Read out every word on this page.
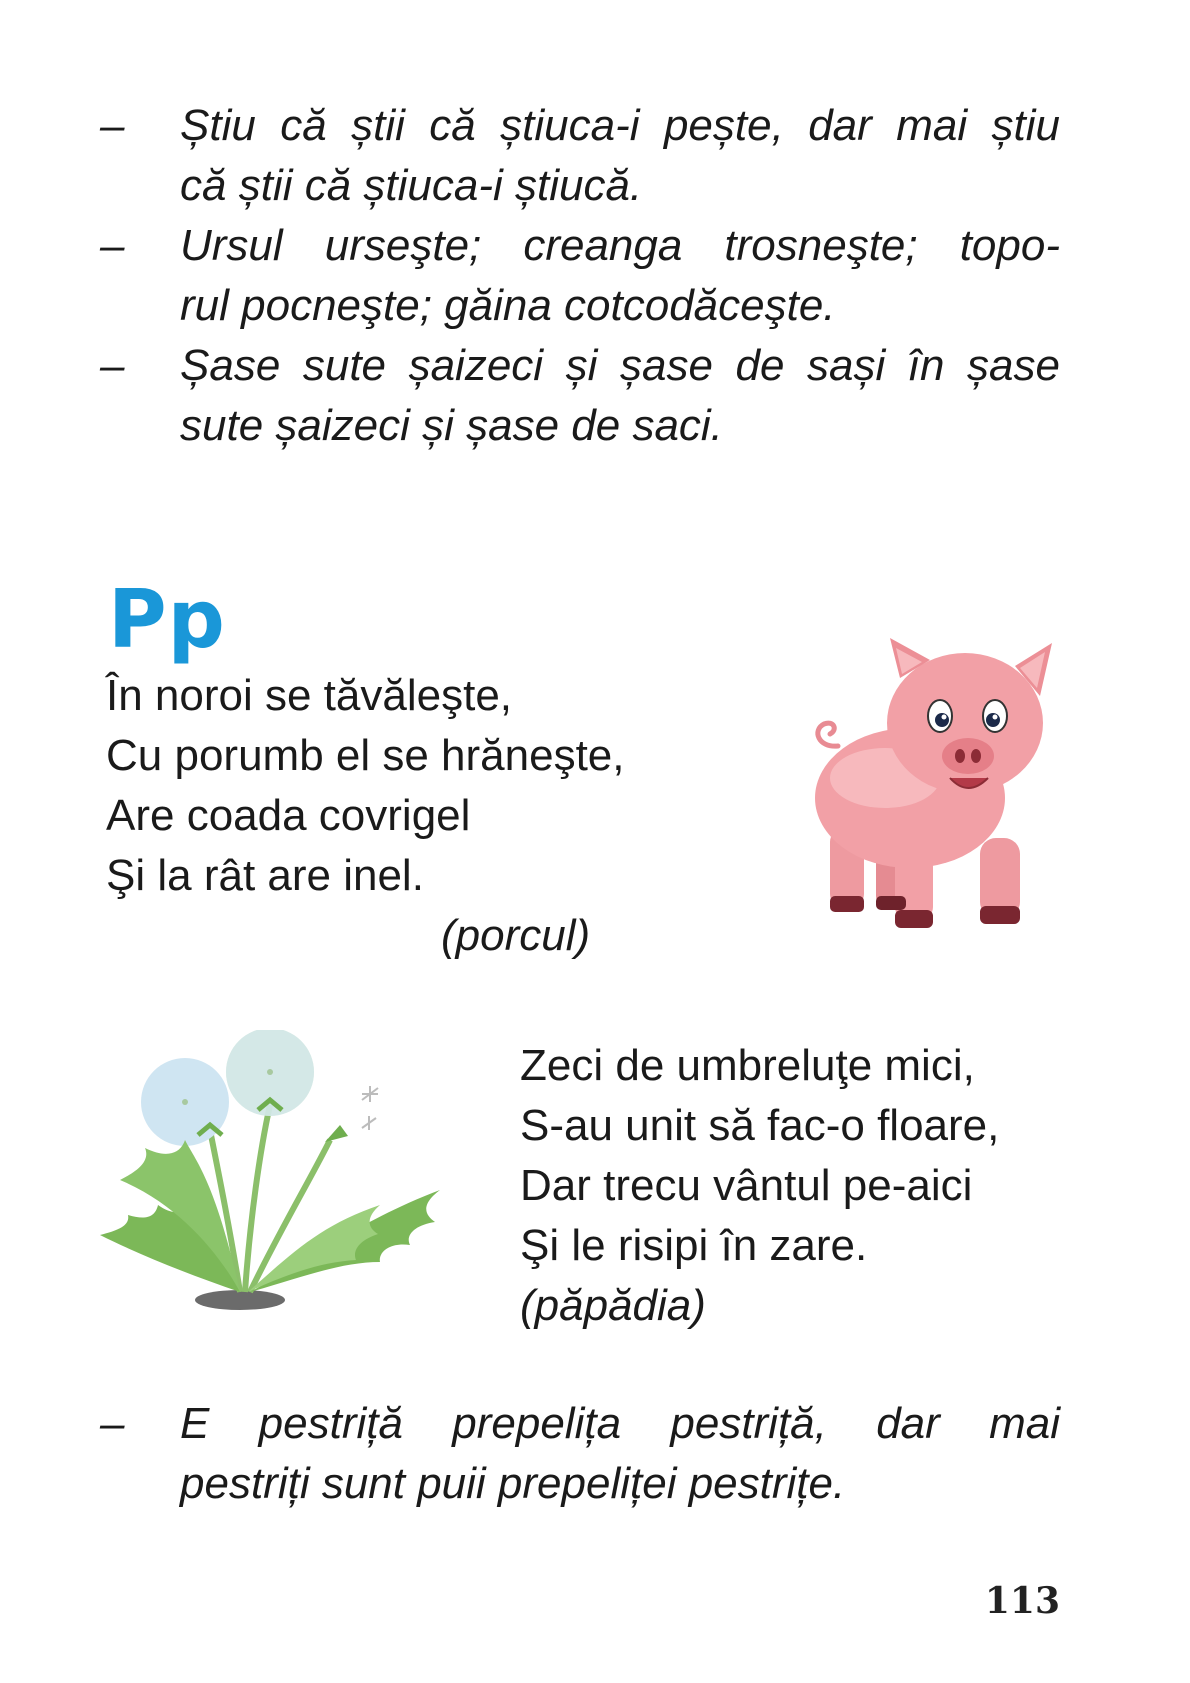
–	Știu că știi că știuca-i pește, dar mai știu
că știi că știuca-i știucă.
–	Ursul urseşte; creanga trosneşte; topo-
rul pocneşte; găina cotcodăceşte.
–	Șase sute șaizeci și șase de sași în șase
sute șaizeci și șase de saci.
Pp
În noroi se tăvăleşte,
Cu porumb el se hrăneşte,
Are coada covrigel
Şi la rât are inel.
(porcul)
Zeci de umbreluţe mici,
S-au unit să fac-o floare,
Dar trecu vântul pe-aici
Şi le risipi în zare.
(păpădia)
–	E pestriță prepelița pestriță, dar mai
pestriți sunt puii prepeliței pestrițe.
113
